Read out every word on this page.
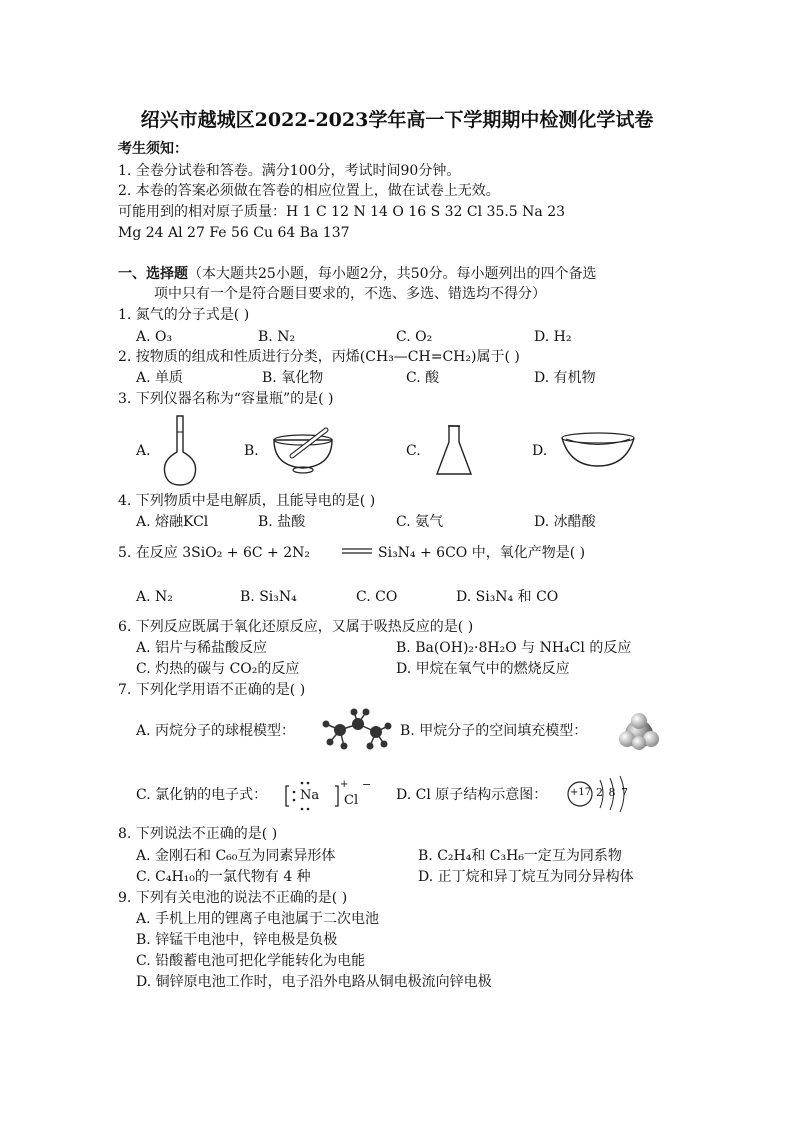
绍兴市越城区2022-2023学年高一下学期期中检测化学试卷
考生须知：
1. 全卷分试卷和答卷。满分100分，考试时间90分钟。
2. 本卷的答案必须做在答卷的相应位置上，做在试卷上无效。
可能用到的相对原子质量：H 1 C 12 N 14 O 16 S 32 Cl 35.5 Na 23
Mg 24 Al 27 Fe 56 Cu 64 Ba 137
一、选择题（本大题共25小题，每小题2分，共50分。每小题列出的四个备选
项中只有一个是符合题目要求的，不选、多选、错选均不得分）
1. 氮气的分子式是( )
A. O₃	B. N₂	C. O₂	D. H₂
2. 按物质的组成和性质进行分类，丙烯(CH₃—CH=CH₂)属于( )
A. 单质	B. 氧化物	C. 酸	D. 有机物
3. 下列仪器名称为“容量瓶”的是( )
A.	B.	C.	D.
4. 下列物质中是电解质，且能导电的是( )
A. 熔融KCl	B. 盐酸	C. 氨气	D. 冰醋酸
5. 在反应 3SiO₂ + 6C + 2N₂	Si₃N₄ + 6CO 中，氧化产物是( )
A. N₂	B. Si₃N₄	C. CO	D. Si₃N₄ 和 CO
6. 下列反应既属于氧化还原反应，又属于吸热反应的是( )
A. 铝片与稀盐酸反应	B. Ba(OH)₂·8H₂O 与 NH₄Cl 的反应
C. 灼热的碳与 CO₂的反应	D. 甲烷在氧气中的燃烧反应
7. 下列化学用语不正确的是( )
A. 丙烷分子的球棍模型：	B. 甲烷分子的空间填充模型：
C. 氯化钠的电子式：	Na
+
Cl
−
D. Cl 原子结构示意图： +17 2 8 7
8. 下列说法不正确的是( )
A. 金刚石和 C₆₀互为同素异形体	B. C₂H₄和 C₃H₆一定互为同系物
C. C₄H₁₀的一氯代物有 4 种	D. 正丁烷和异丁烷互为同分异构体
9. 下列有关电池的说法不正确的是( )
A. 手机上用的锂离子电池属于二次电池
B. 锌锰干电池中，锌电极是负极
C. 铅酸蓄电池可把化学能转化为电能
D. 铜锌原电池工作时，电子沿外电路从铜电极流向锌电极
